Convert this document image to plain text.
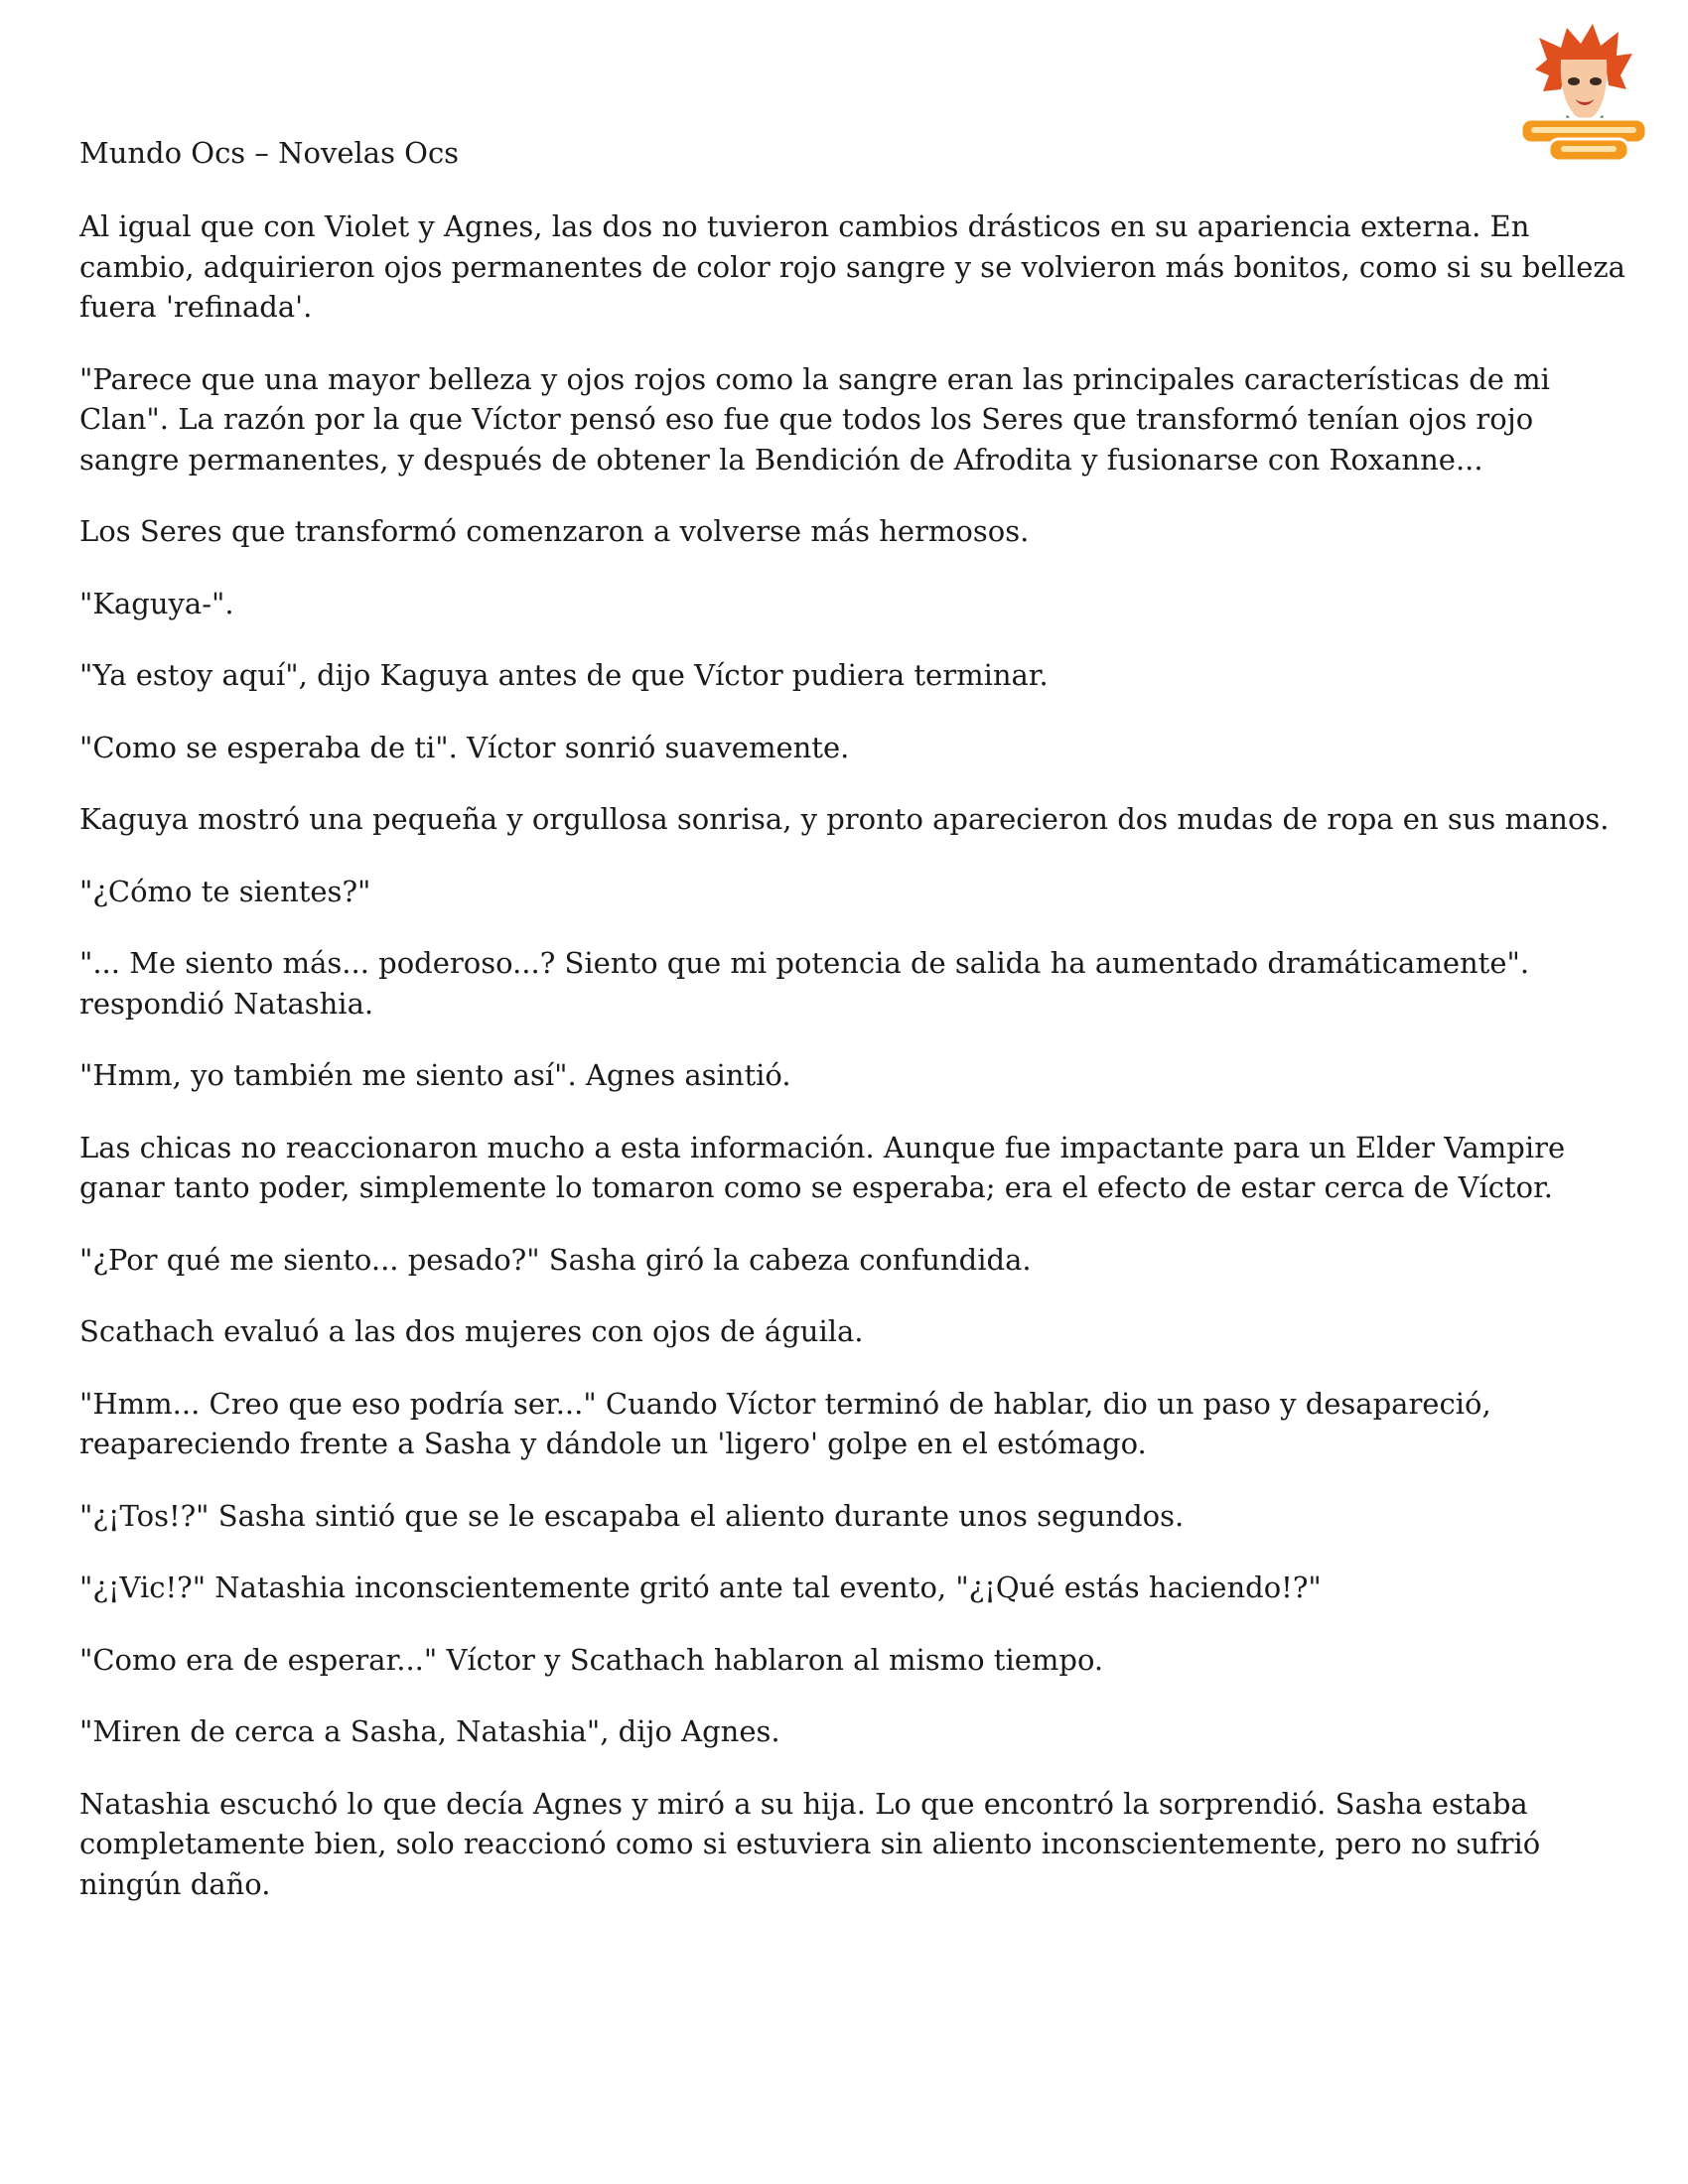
Mundo Ocs – Novelas Ocs

Al igual que con Violet y Agnes, las dos no tuvieron cambios drásticos en su apariencia externa. En cambio, adquirieron ojos permanentes de color rojo sangre y se volvieron más bonitos, como si su belleza fuera 'refinada'.

"Parece que una mayor belleza y ojos rojos como la sangre eran las principales características de mi Clan". La razón por la que Víctor pensó eso fue que todos los Seres que transformó tenían ojos rojo sangre permanentes, y después de obtener la Bendición de Afrodita y fusionarse con Roxanne...

Los Seres que transformó comenzaron a volverse más hermosos.

"Kaguya-".

"Ya estoy aquí", dijo Kaguya antes de que Víctor pudiera terminar.

"Como se esperaba de ti". Víctor sonrió suavemente.

Kaguya mostró una pequeña y orgullosa sonrisa, y pronto aparecieron dos mudas de ropa en sus manos.

"¿Cómo te sientes?"

"... Me siento más... poderoso...? Siento que mi potencia de salida ha aumentado dramáticamente". respondió Natashia.

"Hmm, yo también me siento así". Agnes asintió.

Las chicas no reaccionaron mucho a esta información. Aunque fue impactante para un Elder Vampire ganar tanto poder, simplemente lo tomaron como se esperaba; era el efecto de estar cerca de Víctor.

"¿Por qué me siento... pesado?" Sasha giró la cabeza confundida.

Scathach evaluó a las dos mujeres con ojos de águila.

"Hmm... Creo que eso podría ser..." Cuando Víctor terminó de hablar, dio un paso y desapareció, reapareciendo frente a Sasha y dándole un 'ligero' golpe en el estómago.

"¿¡Tos!?" Sasha sintió que se le escapaba el aliento durante unos segundos.

"¿¡Vic!?" Natashia inconscientemente gritó ante tal evento, "¿¡Qué estás haciendo!?"

"Como era de esperar..." Víctor y Scathach hablaron al mismo tiempo.

"Miren de cerca a Sasha, Natashia", dijo Agnes.

Natashia escuchó lo que decía Agnes y miró a su hija. Lo que encontró la sorprendió. Sasha estaba completamente bien, solo reaccionó como si estuviera sin aliento inconscientemente, pero no sufrió ningún daño.
